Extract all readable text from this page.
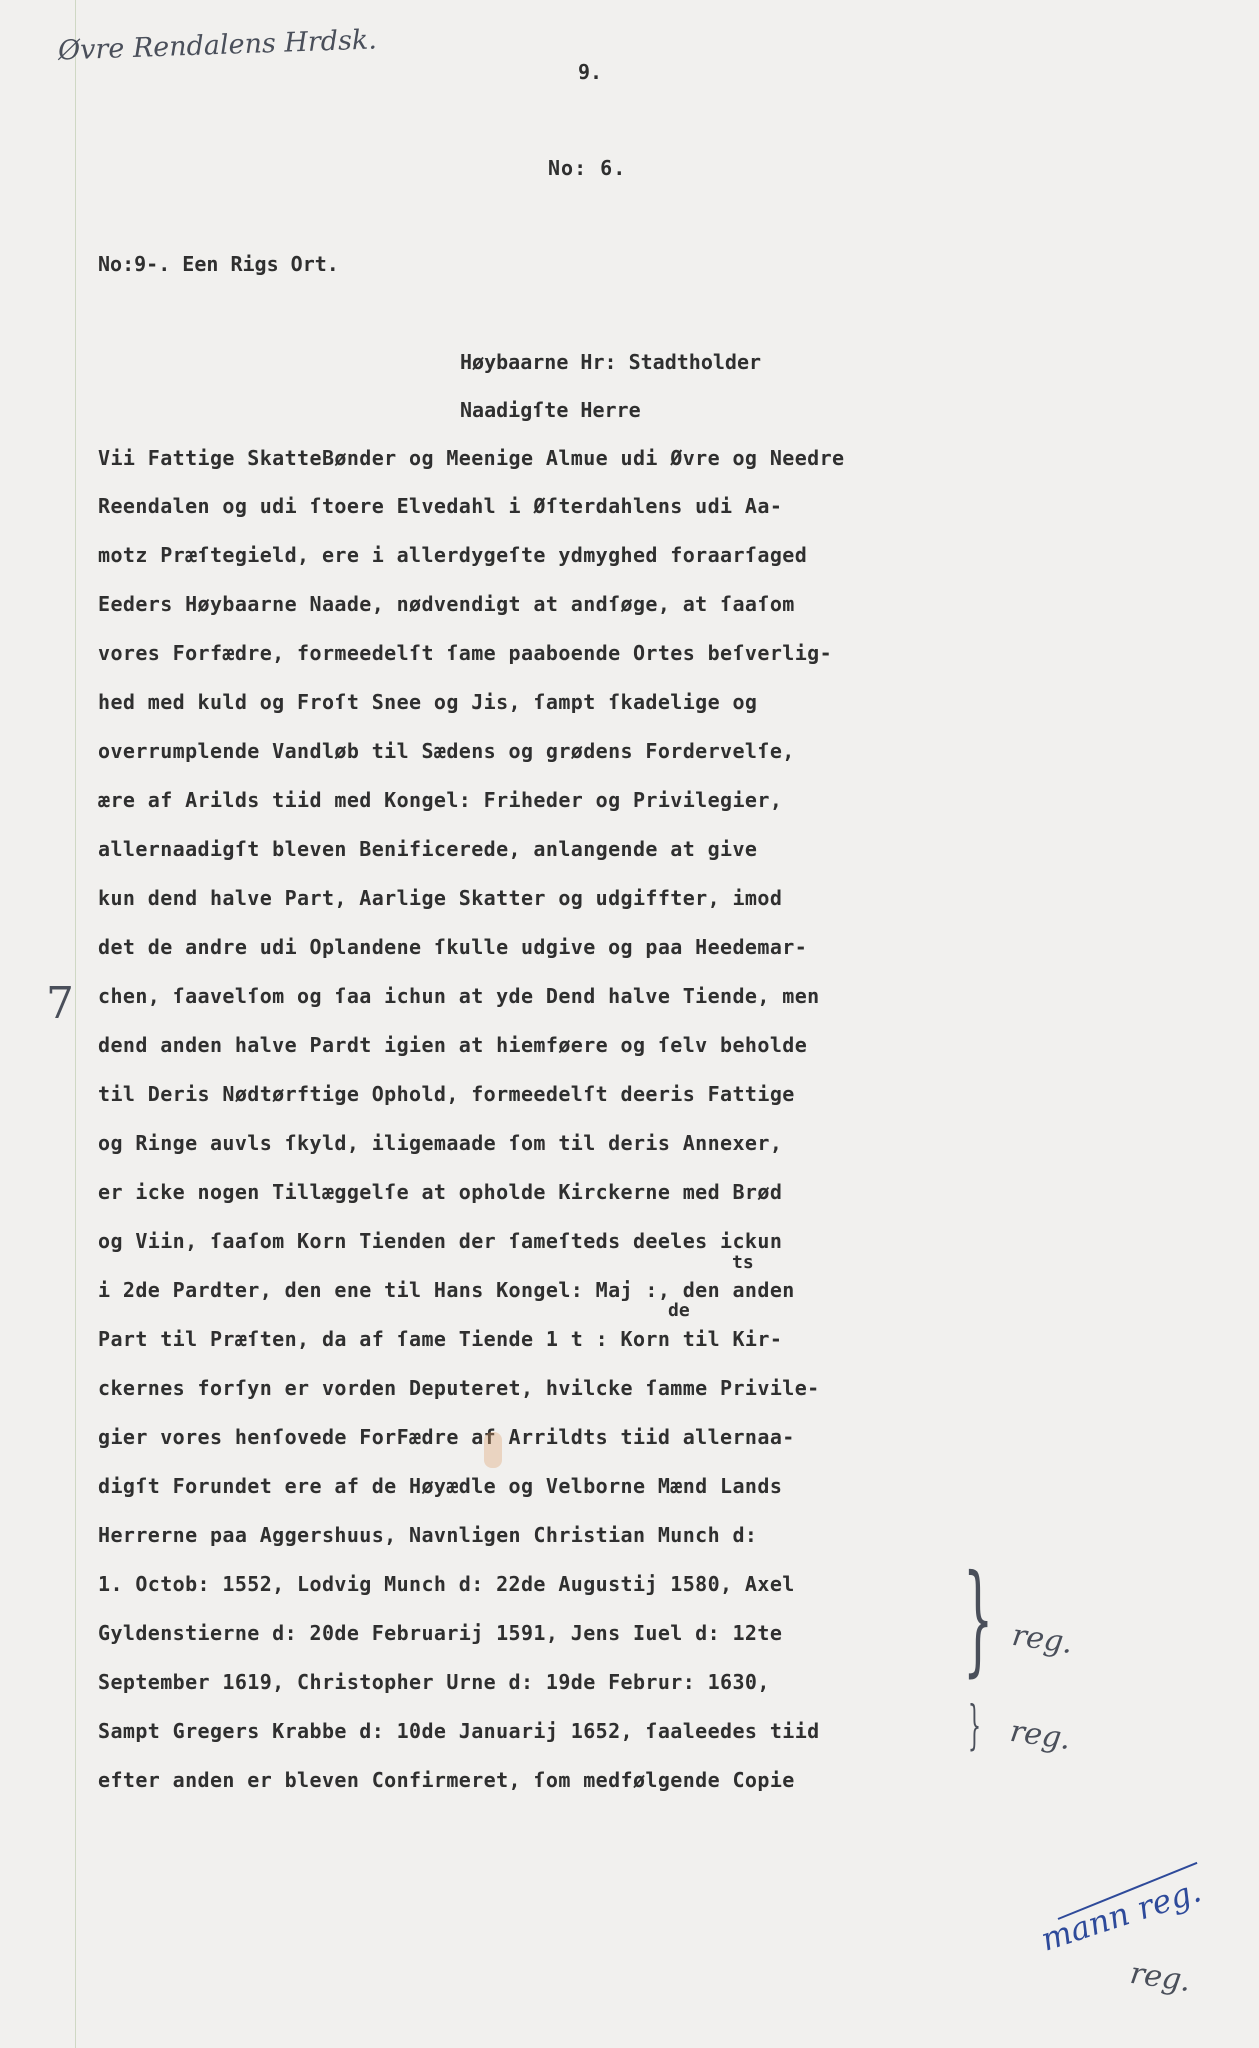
Øvre Rendalens Hrdsk.
9.
No: 6.
No:9-. Een Rigs Ort.
Høybaarne Hr: Stadtholder
Naadigſte Herre
Vii Fattige SkatteBønder og Meenige Almue udi Øvre og Needre
Reendalen og udi ſtoere Elvedahl i Øſterdahlens udi Aa-
motz Præſtegield, ere i allerdygeſte ydmyghed foraarſaged
Eeders Høybaarne Naade, nødvendigt at andſøge, at ſaaſom
vores Forfædre, formeedelſt ſame paaboende Ortes beſverlig-
hed med kuld og Froſt Snee og Jis, ſampt ſkadelige og
overrumplende Vandløb til Sædens og grødens Fordervelſe,
ære af Arilds tiid med Kongel: Friheder og Privilegier,
allernaadigſt bleven Benificerede, anlangende at give
kun dend halve Part, Aarlige Skatter og udgiffter, imod
det de andre udi Oplandene ſkulle udgive og paa Heedemar-
chen, ſaavelſom og ſaa ichun at yde Dend halve Tiende, men
dend anden halve Pardt igien at hiemføere og ſelv beholde
til Deris Nødtørftige Ophold, formeedelſt deeris Fattige
og Ringe auvls ſkyld, iligemaade ſom til deris Annexer,
er icke nogen Tillæggelſe at opholde Kirckerne med Brød
og Viin, ſaaſom Korn Tienden der ſameſteds deeles ickun
i 2de Pardter, den ene til Hans Kongel: Maj :, den anden
Part til Præſten, da af ſame Tiende 1 t : Korn til Kir-
ckernes forſyn er vorden Deputeret, hvilcke ſamme Privile-
gier vores henſovede ForFædre af Arrildts tiid allernaa-
digſt Forundet ere af de Høyædle og Velborne Mænd Lands
Herrerne paa Aggershuus, Navnligen Christian Munch d:
1. Octob: 1552, Lodvig Munch d: 22de Augustij 1580, Axel
Gyldenstierne d: 20de Februarij 1591, Jens Iuel d: 12te
September 1619, Christopher Urne d: 19de Februr: 1630,
Sampt Gregers Krabbe d: 10de Januarij 1652, ſaaleedes tiid
efter anden er bleven Confirmeret, ſom medfølgende Copie
ts
de
7
}
}
reg.
reg.
mann reg.
reg.
